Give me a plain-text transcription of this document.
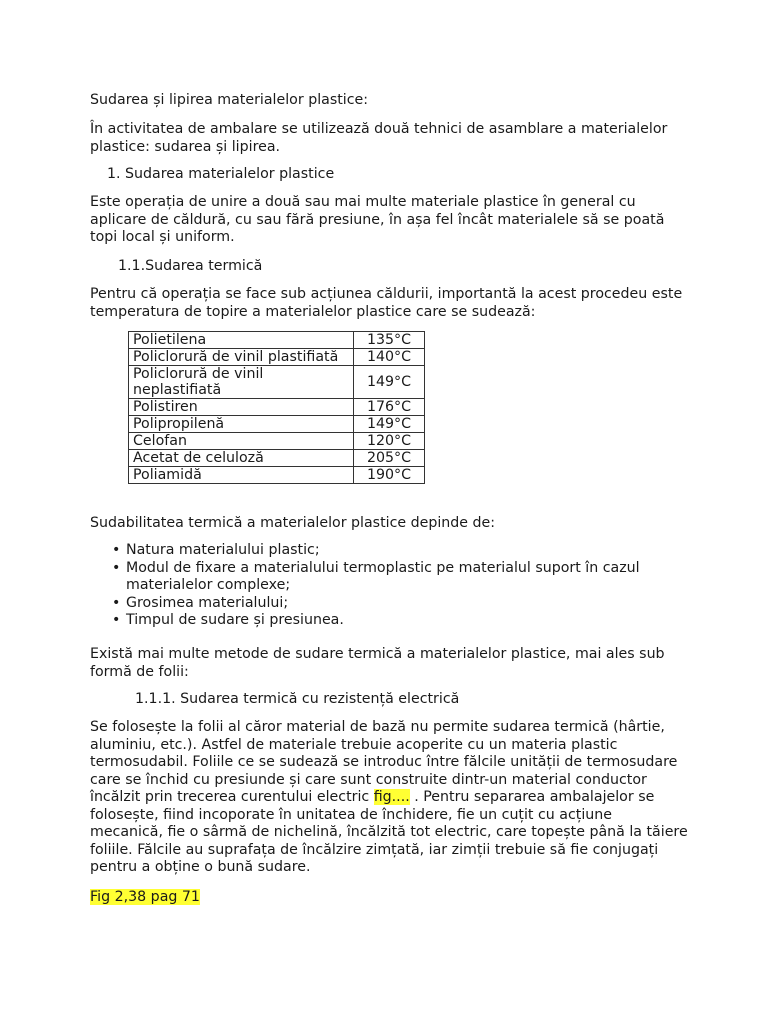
Sudarea și lipirea materialelor plastice:

În activitatea de ambalare se utilizează două tehnici de asamblare a materialelor
plastice: sudarea și lipirea.

1. Sudarea materialelor plastice

Este operația de unire a două sau mai multe materiale plastice în general cu
aplicare de căldură, cu sau fără presiune, în așa fel încât materialele să se poată
topi local și uniform.

1.1.Sudarea termică

Pentru că operația se face sub acțiunea căldurii, importantă la acest procedeu este
temperatura de topire a materialelor plastice care se sudează:

Polietilena	135°C

Policlorură de vinil plastifiată	140°C

Policlorură de vinil
neplastifiată	149°C

Polistiren	176°C

Polipropilenă	149°C

Celofan	120°C

Acetat de celuloză	205°C

Poliamidă	190°C

Sudabilitatea termică a materialelor plastice depinde de:

• Natura materialului plastic;
• Modul de fixare a materialului termoplastic pe materialul suport în cazul
materialelor complexe;
• Grosimea materialului;
• Timpul de sudare și presiunea.

Există mai multe metode de sudare termică a materialelor plastice, mai ales sub
formă de folii:

1.1.1. Sudarea termică cu rezistență electrică

Se folosește la folii al căror material de bază nu permite sudarea termică (hârtie,
aluminiu, etc.). Astfel de materiale trebuie acoperite cu un materia plastic
termosudabil. Foliile ce se sudează se introduc între fălcile unității de termosudare
care se închid cu presiunde și care sunt construite dintr-un material conductor
încălzit prin trecerea curentului electric fig.... . Pentru separarea ambalajelor se
folosește, fiind incoporate în unitatea de închidere, fie un cuțit cu acțiune
mecanică, fie o sârmă de nichelină, încălzită tot electric, care topește până la tăiere
foliile. Fălcile au suprafața de încălzire zimțată, iar zimții trebuie să fie conjugați
pentru a obține o bună sudare.

Fig 2,38 pag 71
